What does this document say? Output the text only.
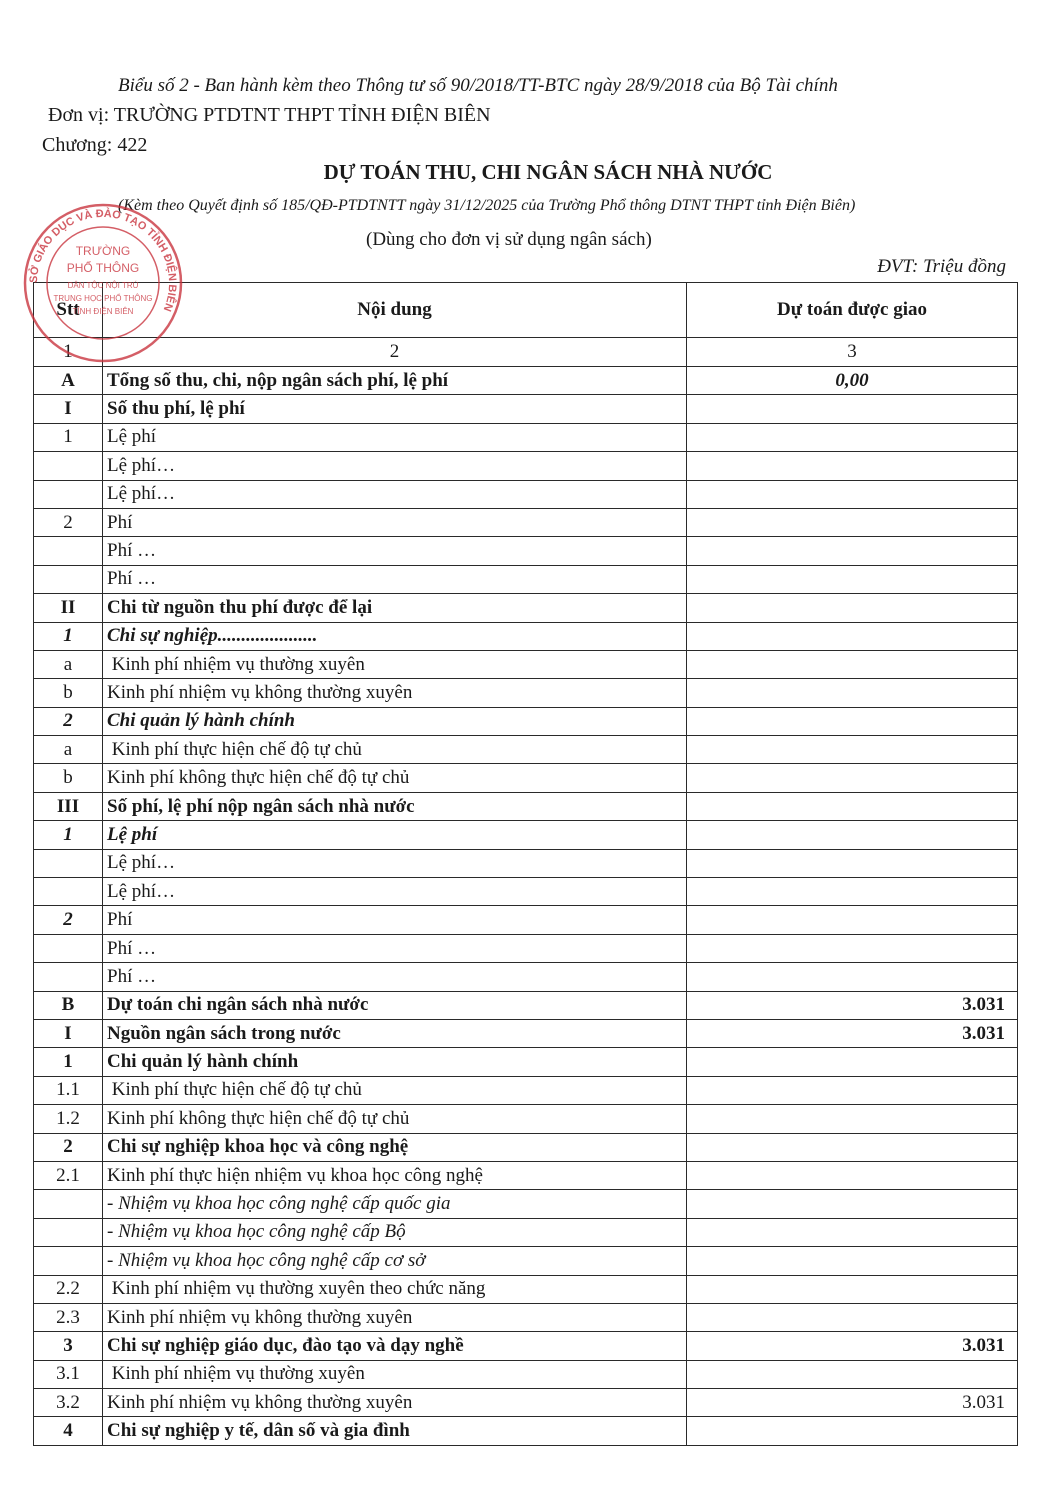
Biểu số 2 - Ban hành kèm theo Thông tư số 90/2018/TT-BTC ngày 28/9/2018 của Bộ Tài chính
Đơn vị: TRƯỜNG PTDTNT THPT TỈNH ĐIỆN BIÊN
Chương: 422
DỰ TOÁN THU, CHI NGÂN SÁCH NHÀ NƯỚC
(Kèm theo Quyết định số 185/QĐ-PTDTNTT ngày 31/12/2025 của Trường Phổ thông DTNT THPT tỉnh Điện Biên)
(Dùng cho đơn vị sử dụng ngân sách)
ĐVT: Triệu đồng
Stt	Nội dung	Dự toán được giao
1	2	3
A	Tổng số thu, chi, nộp ngân sách phí, lệ phí	0,00
I	Số thu phí, lệ phí	
1	Lệ phí	
	Lệ phí…	
	Lệ phí…	
2	Phí	
	Phí …	
	Phí …	
II	Chi từ nguồn thu phí được để lại	
1	Chi sự nghiệp.....................	
a	Kinh phí nhiệm vụ thường xuyên	
b	Kinh phí nhiệm vụ không thường xuyên	
2	Chi quản lý hành chính	
a	Kinh phí thực hiện chế độ tự chủ	
b	Kinh phí không thực hiện chế độ tự chủ	
III	Số phí, lệ phí nộp ngân sách nhà nước	
1	Lệ phí	
	Lệ phí…	
	Lệ phí…	
2	Phí	
	Phí …	
	Phí …	
B	Dự toán chi ngân sách nhà nước	3.031
I	Nguồn ngân sách trong nước	3.031
1	Chi quản lý hành chính	
1.1	Kinh phí thực hiện chế độ tự chủ	
1.2	Kinh phí không thực hiện chế độ tự chủ	
2	Chi sự nghiệp khoa học và công nghệ	
2.1	Kinh phí thực hiện nhiệm vụ khoa học công nghệ	
	- Nhiệm vụ khoa học công nghệ cấp quốc gia	
	- Nhiệm vụ khoa học công nghệ cấp Bộ	
	- Nhiệm vụ khoa học công nghệ cấp cơ sở	
2.2	Kinh phí nhiệm vụ thường xuyên theo chức năng	
2.3	Kinh phí nhiệm vụ không thường xuyên	
3	Chi sự nghiệp giáo dục, đào tạo và dạy nghề	3.031
3.1	Kinh phí nhiệm vụ thường xuyên	
3.2	Kinh phí nhiệm vụ không thường xuyên	3.031
4	Chi sự nghiệp y tế, dân số và gia đình	
SỞ GIÁO DỤC VÀ ĐÀO TẠO TỈNH ĐIỆN BIÊN
TRƯỜNG
PHỔ THÔNG
DÂN TỘC NỘI TRÚ
TRUNG HỌC PHỔ THÔNG
TỈNH ĐIỆN BIÊN
